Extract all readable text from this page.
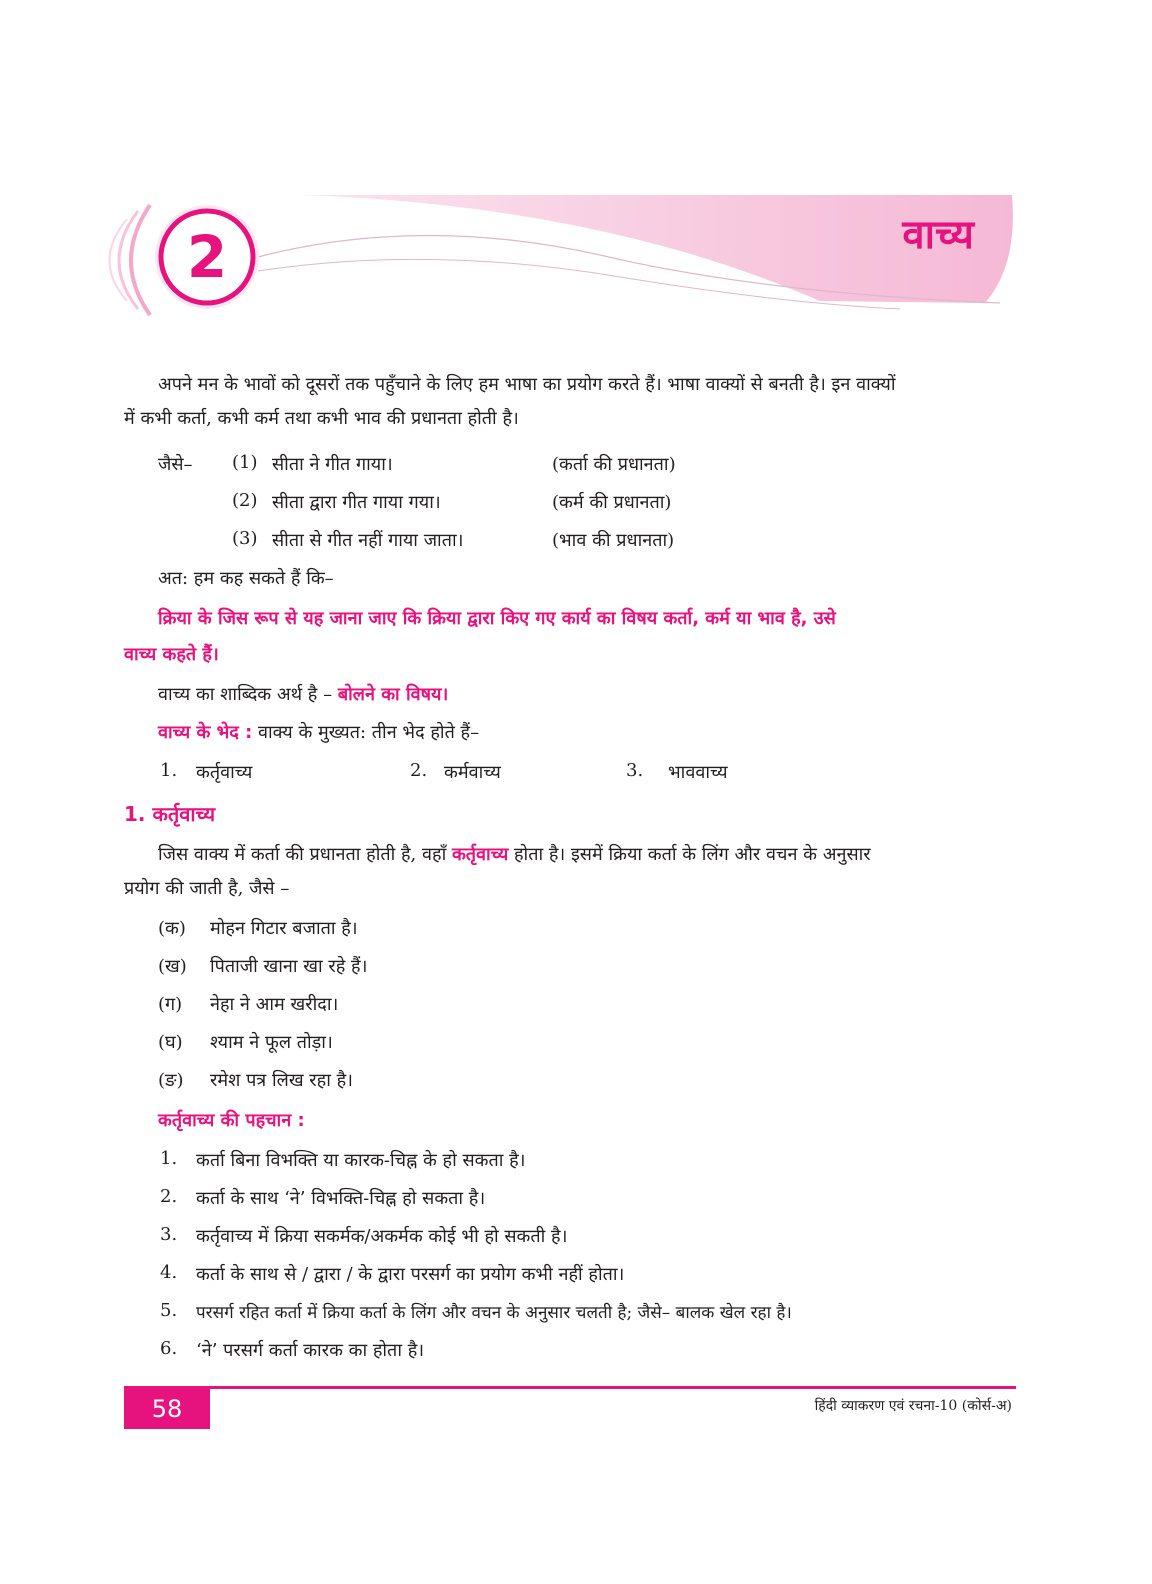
2	वाच्य
अपने मन के भावों को दूसरों तक पहुँचाने के लिए हम भाषा का प्रयोग करते हैं। भाषा वाक्यों से बनती है। इन वाक्यों
में कभी कर्ता, कभी कर्म तथा कभी भाव की प्रधानता होती है।
जैसे– (1) सीता ने गीत गाया।	(कर्ता की प्रधानता)
(2) सीता द्वारा गीत गाया गया।	(कर्म की प्रधानता)
(3) सीता से गीत नहीं गाया जाता।	(भाव की प्रधानता)
अत: हम कह सकते हैं कि–
क्रिया के जिस रूप से यह जाना जाए कि क्रिया द्वारा किए गए कार्य का विषय कर्ता, कर्म या भाव है, उसे
वाच्य कहते हैं।
वाच्य का शाब्दिक अर्थ है – बोलने का विषय।
वाच्य के भेद : वाक्य के मुख्यत: तीन भेद होते हैं–
1. कर्तृवाच्य	2. कर्मवाच्य	3. भाववाच्य
1. कर्तृवाच्य
जिस वाक्य में कर्ता की प्रधानता होती है, वहाँ कर्तृवाच्य होता है। इसमें क्रिया कर्ता के लिंग और वचन के अनुसार
प्रयोग की जाती है, जैसे –
(क) मोहन गिटार बजाता है।
(ख) पिताजी खाना खा रहे हैं।
(ग) नेहा ने आम खरीदा।
(घ) श्याम ने फूल तोड़ा।
(ङ) रमेश पत्र लिख रहा है।
कर्तृवाच्य की पहचान :
1. कर्ता बिना विभक्ति या कारक-चिह्न के हो सकता है।
2. कर्ता के साथ ‘ने’ विभक्ति-चिह्न हो सकता है।
3. कर्तृवाच्य में क्रिया सकर्मक/अकर्मक कोई भी हो सकती है।
4. कर्ता के साथ से / द्वारा / के द्वारा परसर्ग का प्रयोग कभी नहीं होता।
5. परसर्ग रहित कर्ता में क्रिया कर्ता के लिंग और वचन के अनुसार चलती है; जैसे– बालक खेल रहा है।
6. ‘ने’ परसर्ग कर्ता कारक का होता है।
58	हिंदी व्याकरण एवं रचना-10 (कोर्स-अ)
